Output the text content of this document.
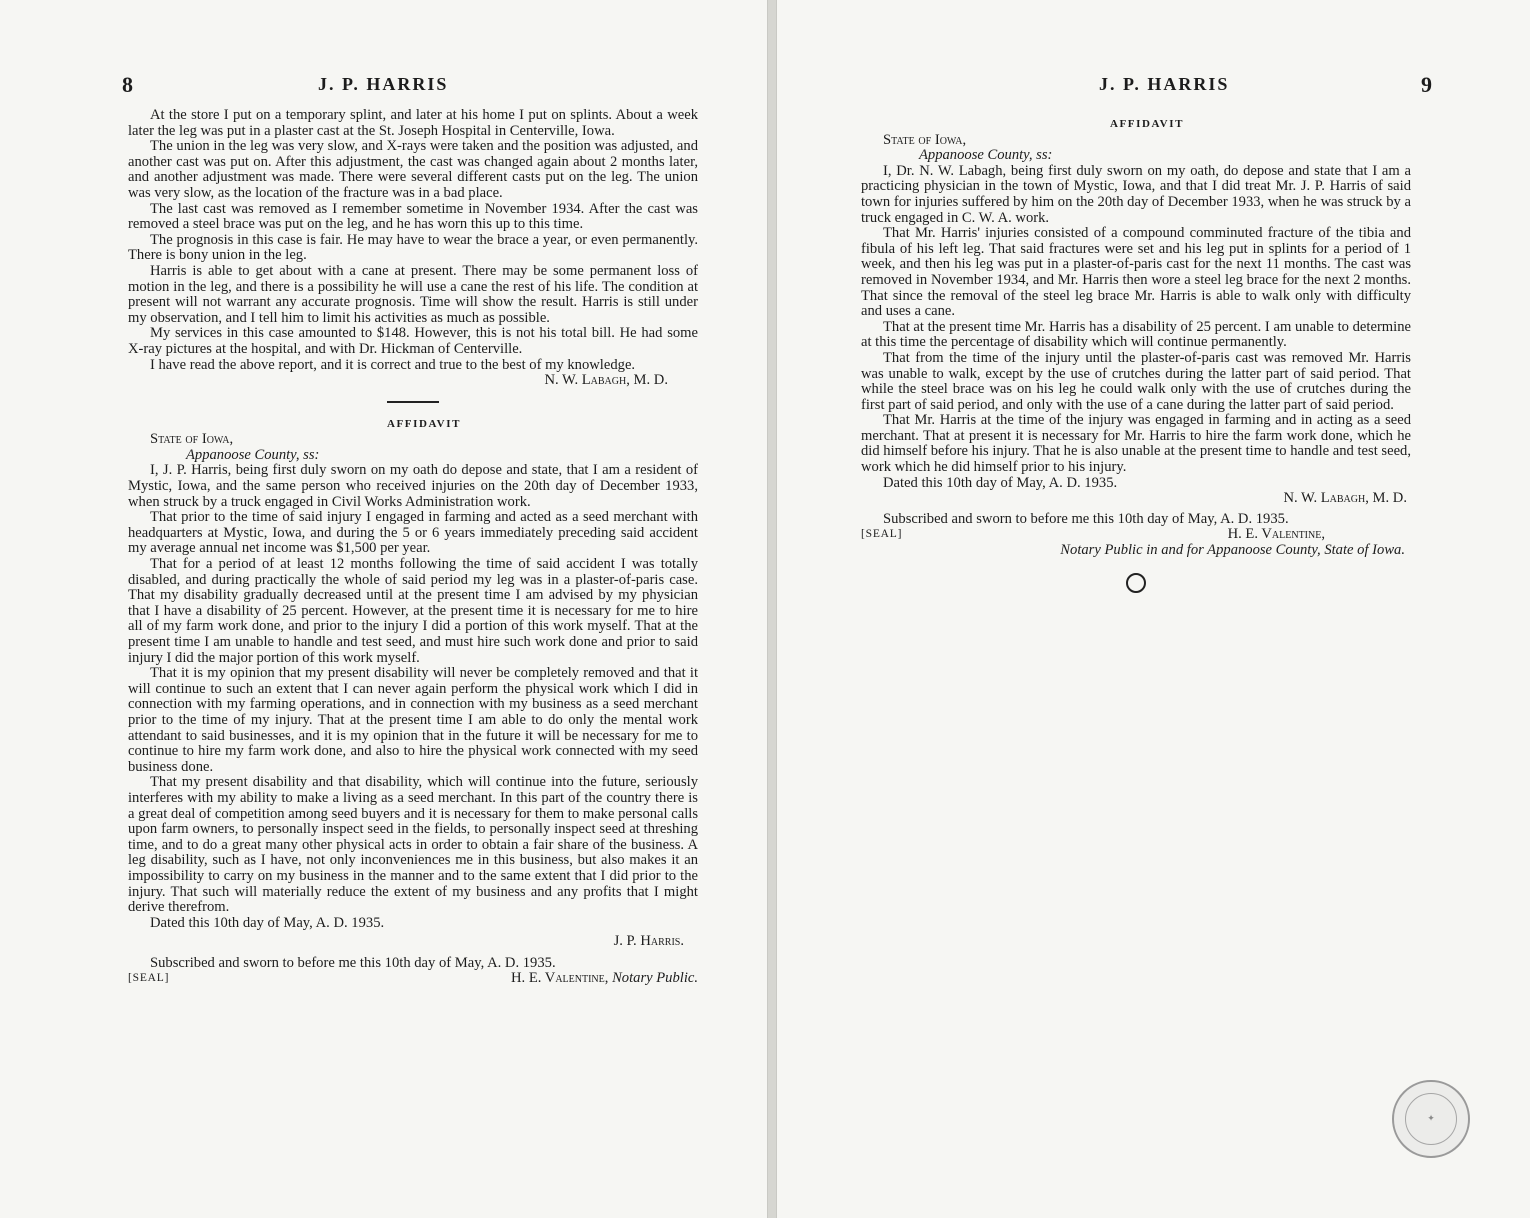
8	J. P. HARRIS

At the store I put on a temporary splint, and later at his home I put on splints. About a week later the leg was put in a plaster cast at the St. Joseph Hospital in Centerville, Iowa.

The union in the leg was very slow, and X-rays were taken and the position was adjusted, and another cast was put on. After this adjustment, the cast was changed again about 2 months later, and another adjustment was made. There were several different casts put on the leg. The union was very slow, as the location of the fracture was in a bad place.

The last cast was removed as I remember sometime in November 1934. After the cast was removed a steel brace was put on the leg, and he has worn this up to this time.

The prognosis in this case is fair. He may have to wear the brace a year, or even permanently. There is bony union in the leg.

Harris is able to get about with a cane at present. There may be some permanent loss of motion in the leg, and there is a possibility he will use a cane the rest of his life. The condition at present will not warrant any accurate prognosis. Time will show the result. Harris is still under my observation, and I tell him to limit his activities as much as possible.

My services in this case amounted to $148. However, this is not his total bill. He had some X-ray pictures at the hospital, and with Dr. Hickman of Centerville.

I have read the above report, and it is correct and true to the best of my knowledge.

N. W. Labagh, M. D.

AFFIDAVIT

State of Iowa,

Appanoose County, ss:

I, J. P. Harris, being first duly sworn on my oath do depose and state, that I am a resident of Mystic, Iowa, and the same person who received injuries on the 20th day of December 1933, when struck by a truck engaged in Civil Works Administration work.

That prior to the time of said injury I engaged in farming and acted as a seed merchant with headquarters at Mystic, Iowa, and during the 5 or 6 years immediately preceding said accident my average annual net income was $1,500 per year.

That for a period of at least 12 months following the time of said accident I was totally disabled, and during practically the whole of said period my leg was in a plaster-of-paris case. That my disability gradually decreased until at the present time I am advised by my physician that I have a disability of 25 percent. However, at the present time it is necessary for me to hire all of my farm work done, and prior to the injury I did a portion of this work myself. That at the present time I am unable to handle and test seed, and must hire such work done and prior to said injury I did the major portion of this work myself.

That it is my opinion that my present disability will never be completely removed and that it will continue to such an extent that I can never again perform the physical work which I did in connection with my farming operations, and in connection with my business as a seed merchant prior to the time of my injury. That at the present time I am able to do only the mental work attendant to said businesses, and it is my opinion that in the future it will be necessary for me to continue to hire my farm work done, and also to hire the physical work connected with my seed business done.

That my present disability and that disability, which will continue into the future, seriously interferes with my ability to make a living as a seed merchant. In this part of the country there is a great deal of competition among seed buyers and it is necessary for them to make personal calls upon farm owners, to personally inspect seed in the fields, to personally inspect seed at threshing time, and to do a great many other physical acts in order to obtain a fair share of the business. A leg disability, such as I have, not only inconveniences me in this business, but also makes it an impossibility to carry on my business in the manner and to the same extent that I did prior to the injury. That such will materially reduce the extent of my business and any profits that I might derive therefrom.

Dated this 10th day of May, A. D. 1935.

J. P. Harris.

Subscribed and sworn to before me this 10th day of May, A. D. 1935.

[SEAL]	H. E. Valentine, Notary Public.
J. P. HARRIS	9

AFFIDAVIT

State of Iowa,

Appanoose County, ss:

I, Dr. N. W. Labagh, being first duly sworn on my oath, do depose and state that I am a practicing physician in the town of Mystic, Iowa, and that I did treat Mr. J. P. Harris of said town for injuries suffered by him on the 20th day of December 1933, when he was struck by a truck engaged in C. W. A. work.

That Mr. Harris' injuries consisted of a compound comminuted fracture of the tibia and fibula of his left leg. That said fractures were set and his leg put in splints for a period of 1 week, and then his leg was put in a plaster-of-paris cast for the next 11 months. The cast was removed in November 1934, and Mr. Harris then wore a steel leg brace for the next 2 months. That since the removal of the steel leg brace Mr. Harris is able to walk only with difficulty and uses a cane.

That at the present time Mr. Harris has a disability of 25 percent. I am unable to determine at this time the percentage of disability which will continue permanently.

That from the time of the injury until the plaster-of-paris cast was removed Mr. Harris was unable to walk, except by the use of crutches during the latter part of said period. That while the steel brace was on his leg he could walk only with the use of crutches during the first part of said period, and only with the use of a cane during the latter part of said period.

That Mr. Harris at the time of the injury was engaged in farming and in acting as a seed merchant. That at present it is necessary for Mr. Harris to hire the farm work done, which he did himself before his injury. That he is also unable at the present time to handle and test seed, work which he did himself prior to his injury.

Dated this 10th day of May, A. D. 1935.

N. W. Labagh, M. D.

Subscribed and sworn to before me this 10th day of May, A. D. 1935.

[SEAL]	H. E. Valentine,

Notary Public in and for Appanoose County, State of Iowa.

✦
